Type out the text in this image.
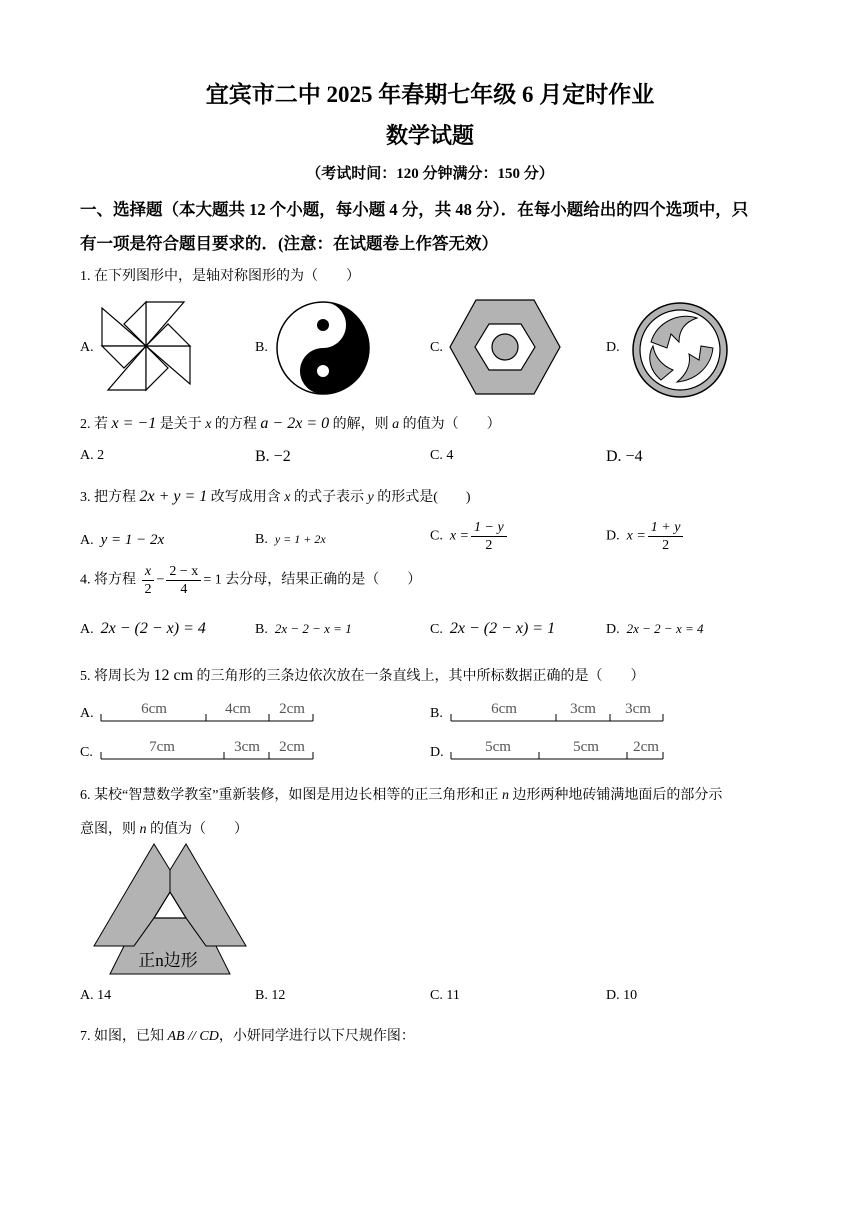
宜宾市二中 2025 年春期七年级 6 月定时作业
数学试题
（考试时间：120 分钟满分：150 分）
一、选择题（本大题共 12 个小题，每小题 4 分，共 48 分）．在每小题给出的四个选项中，只
有一项是符合题目要求的．(注意：在试题卷上作答无效）
1. 在下列图形中，是轴对称图形的为（　　）
A.	B.	C.	D.
2. 若 x = −1 是关于 x 的方程 a − 2x = 0 的解，则 a 的值为（　　）
A. 2	B. −2	C. 4	D. −4
3. 把方程 2x + y = 1 改写成用含 x 的式子表示 y 的形式是(　　)
A. y = 1 − 2x	B. y = 1 + 2x	C. $x = \frac{1 - y}{2}$	D. $x = \frac{1 + y}{2}$
4. 将方程 $\frac{x}{2} - \frac{2 - x}{4} = 1$ 去分母，结果正确的是（　　）
A. 2x − (2 − x) = 4	B. 2x − 2 − x = 1	C. 2x − (2 − x) = 1	D. 2x − 2 − x = 4
5. 将周长为 12 cm 的三角形的三条边依次放在一条直线上，其中所标数据正确的是（　　）
A.	6cm	4cm 2cm	B.	6cm	3cm 3cm
C.	7cm	3cm 2cm	D.	5cm	5cm 2cm
6. 某校“智慧数学教室”重新装修，如图是用边长相等的正三角形和正 n 边形两种地砖铺满地面后的部分示
意图，则 n 的值为（　　）
正n边形
A. 14	B. 12	C. 11	D. 10
7. 如图，已知 AB // CD，小妍同学进行以下尺规作图：
